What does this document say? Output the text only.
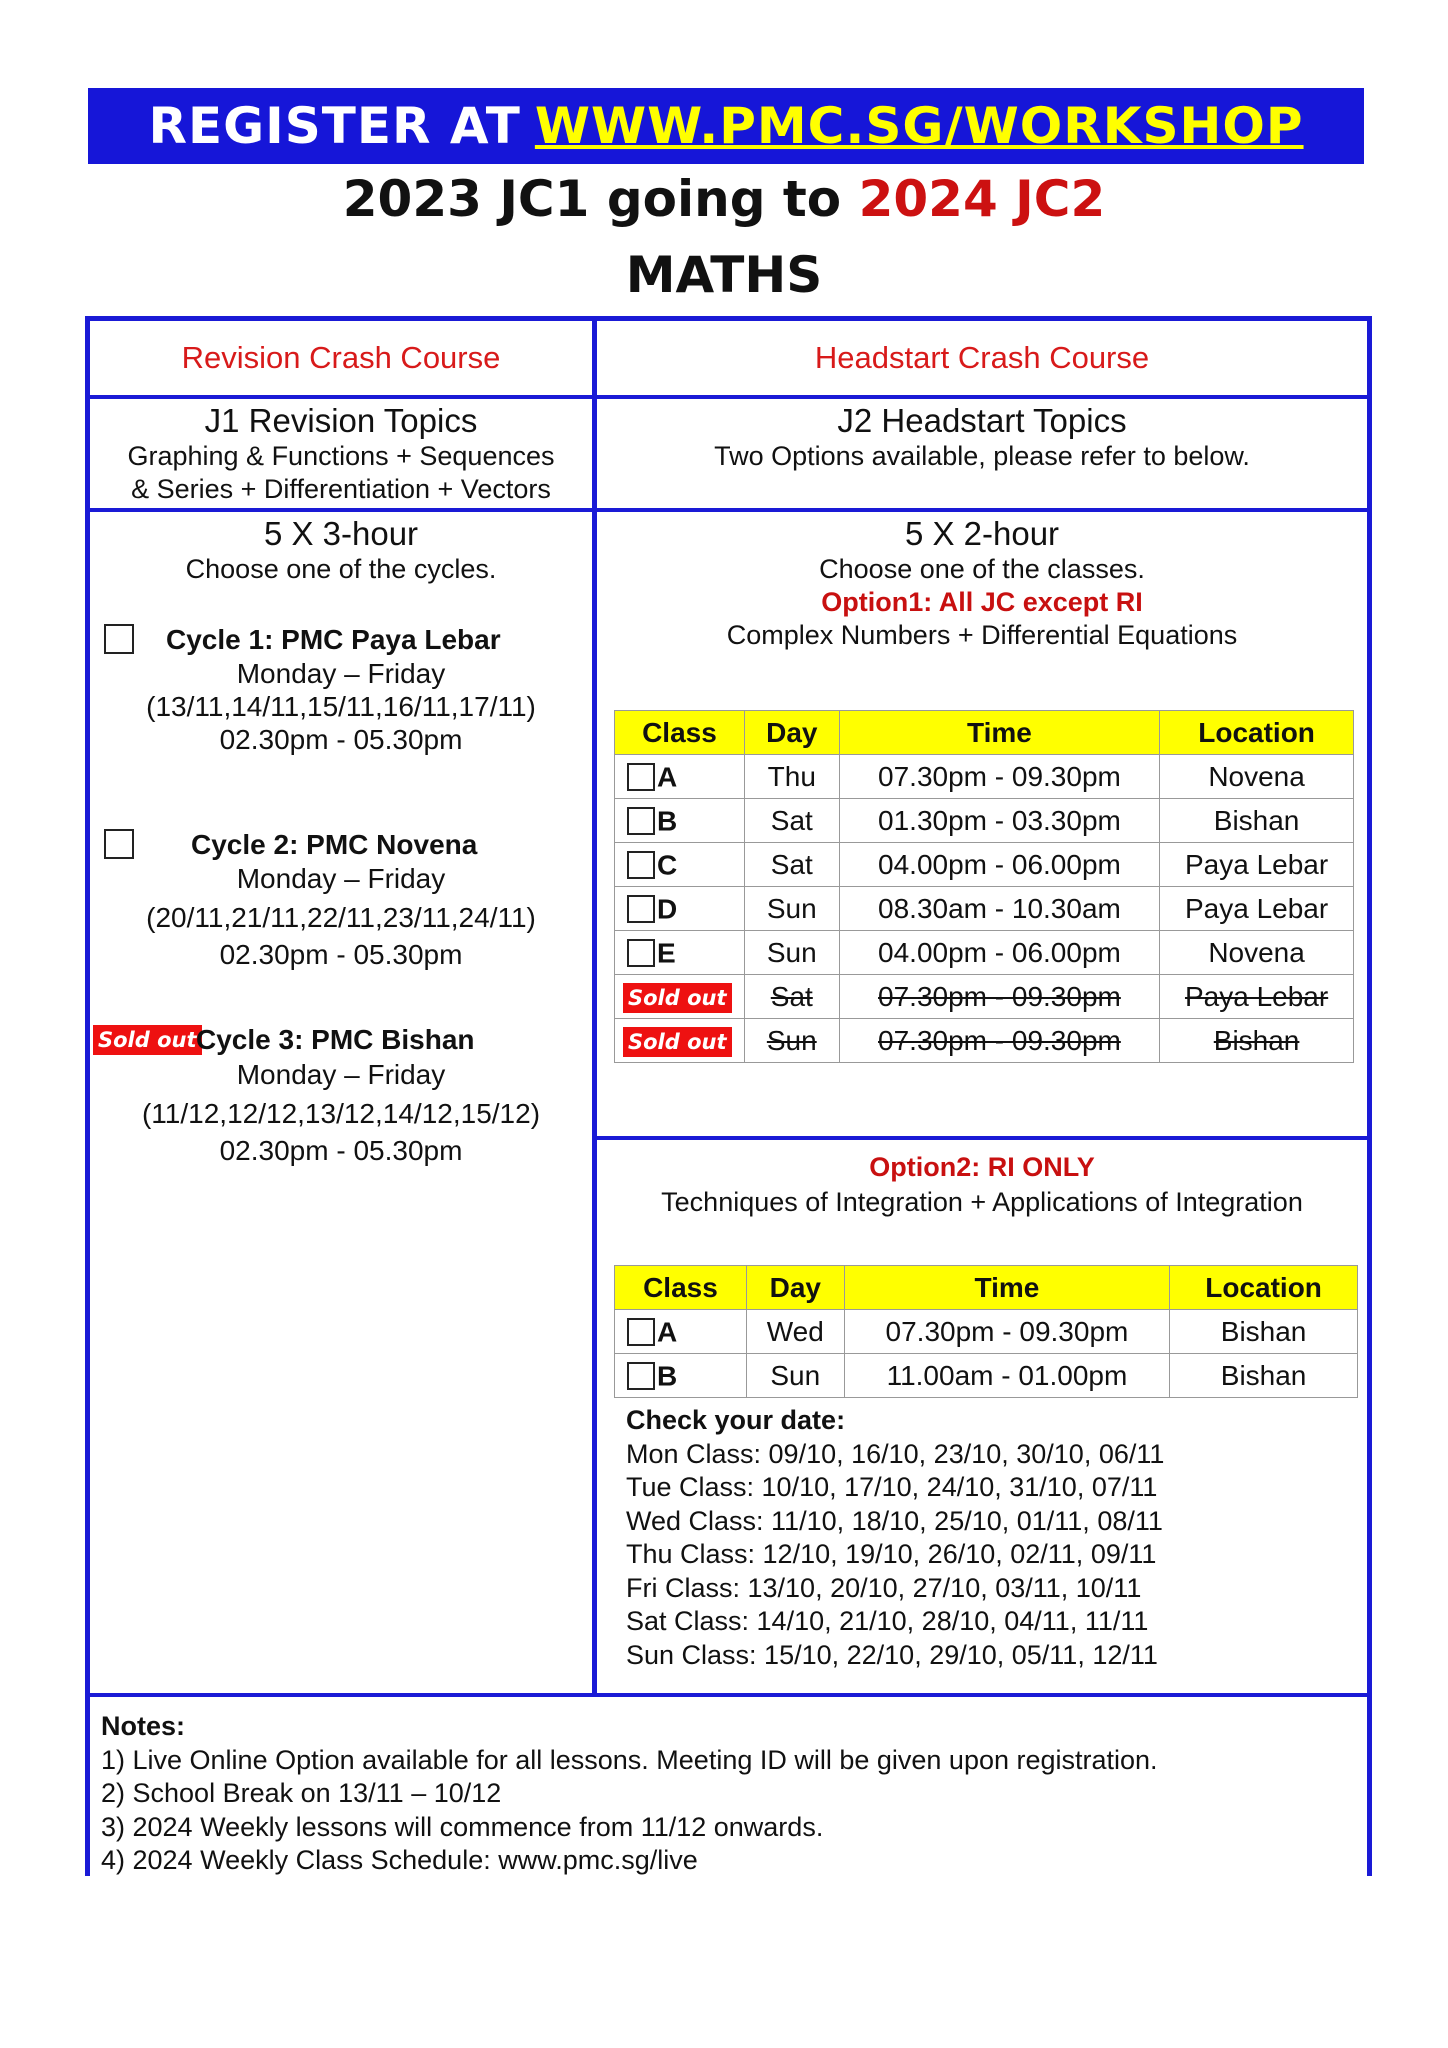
REGISTER AT WWW.PMC.SG/WORKSHOP
2023 JC1 going to 2024 JC2
MATHS
Revision Crash Course	Headstart Crash Course
J1 Revision Topics
Graphing & Functions + Sequences
& Series + Differentiation + Vectors
J2 Headstart Topics
Two Options available, please refer to below.
5 X 3-hour
Choose one of the cycles.
Cycle 1: PMC Paya Lebar
Monday – Friday
(13/11,14/11,15/11,16/11,17/11)
02.30pm - 05.30pm
Cycle 2: PMC Novena
Monday – Friday
(20/11,21/11,22/11,23/11,24/11)
02.30pm - 05.30pm
Sold out Cycle 3: PMC Bishan
Monday – Friday
(11/12,12/12,13/12,14/12,15/12)
02.30pm - 05.30pm
5 X 2-hour
Choose one of the classes.
Option1: All JC except RI
Complex Numbers + Differential Equations
Class	Day	Time	Location
A	Thu	07.30pm - 09.30pm	Novena
B	Sat	01.30pm - 03.30pm	Bishan
C	Sat	04.00pm - 06.00pm	Paya Lebar
D	Sun	08.30am - 10.30am	Paya Lebar
E	Sun	04.00pm - 06.00pm	Novena
Sold out	Sat	07.30pm - 09.30pm	Paya Lebar
Sold out	Sun	07.30pm - 09.30pm	Bishan
Option2: RI ONLY
Techniques of Integration + Applications of Integration
Class	Day	Time	Location
A	Wed	07.30pm - 09.30pm	Bishan
B	Sun	11.00am - 01.00pm	Bishan
Check your date:
Mon Class: 09/10, 16/10, 23/10, 30/10, 06/11
Tue Class: 10/10, 17/10, 24/10, 31/10, 07/11
Wed Class: 11/10, 18/10, 25/10, 01/11, 08/11
Thu Class: 12/10, 19/10, 26/10, 02/11, 09/11
Fri Class: 13/10, 20/10, 27/10, 03/11, 10/11
Sat Class: 14/10, 21/10, 28/10, 04/11, 11/11
Sun Class: 15/10, 22/10, 29/10, 05/11, 12/11
Notes:
1) Live Online Option available for all lessons. Meeting ID will be given upon registration.
2) School Break on 13/11 – 10/12
3) 2024 Weekly lessons will commence from 11/12 onwards.
4) 2024 Weekly Class Schedule: www.pmc.sg/live
